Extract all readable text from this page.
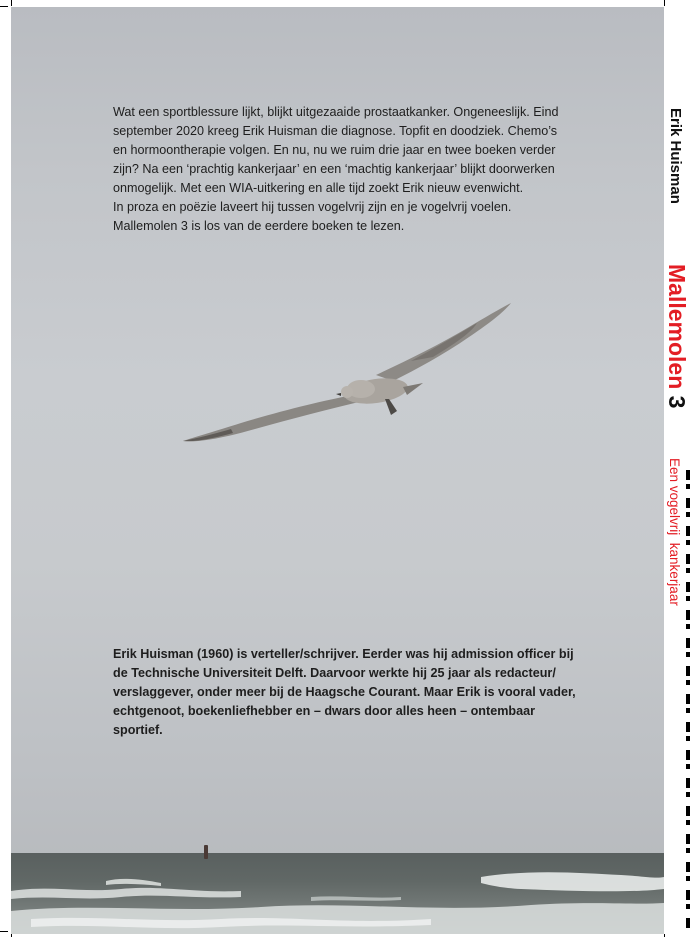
Wat een sportblessure lijkt, blijkt uitgezaaide prostaatkanker. Ongeneeslijk. Eind
september 2020 kreeg Erik Huisman die diagnose. Topfit en doodziek. Chemo’s
en hormoontherapie volgen. En nu, nu we ruim drie jaar en twee boeken verder
zijn? Na een ‘prachtig kankerjaar’ en een ‘machtig kankerjaar’ blijkt doorwerken
onmogelijk. Met een WIA-uitkering en alle tijd zoekt Erik nieuw evenwicht.
In proza en poëzie laveert hij tussen vogelvrij zijn en je vogelvrij voelen.
Mallemolen 3 is los van de eerdere boeken te lezen.
Erik Huisman (1960) is verteller/schrijver. Eerder was hij admission officer bij
de Technische Universiteit Delft. Daarvoor werkte hij 25 jaar als redacteur/
verslaggever, onder meer bij de Haagsche Courant. Maar Erik is vooral vader,
echtgenoot, boekenliefhebber en – dwars door alles heen – ontembaar
sportief.
Erik Huisman
Mallemolen 3
Een vogelvrij  kankerjaar
